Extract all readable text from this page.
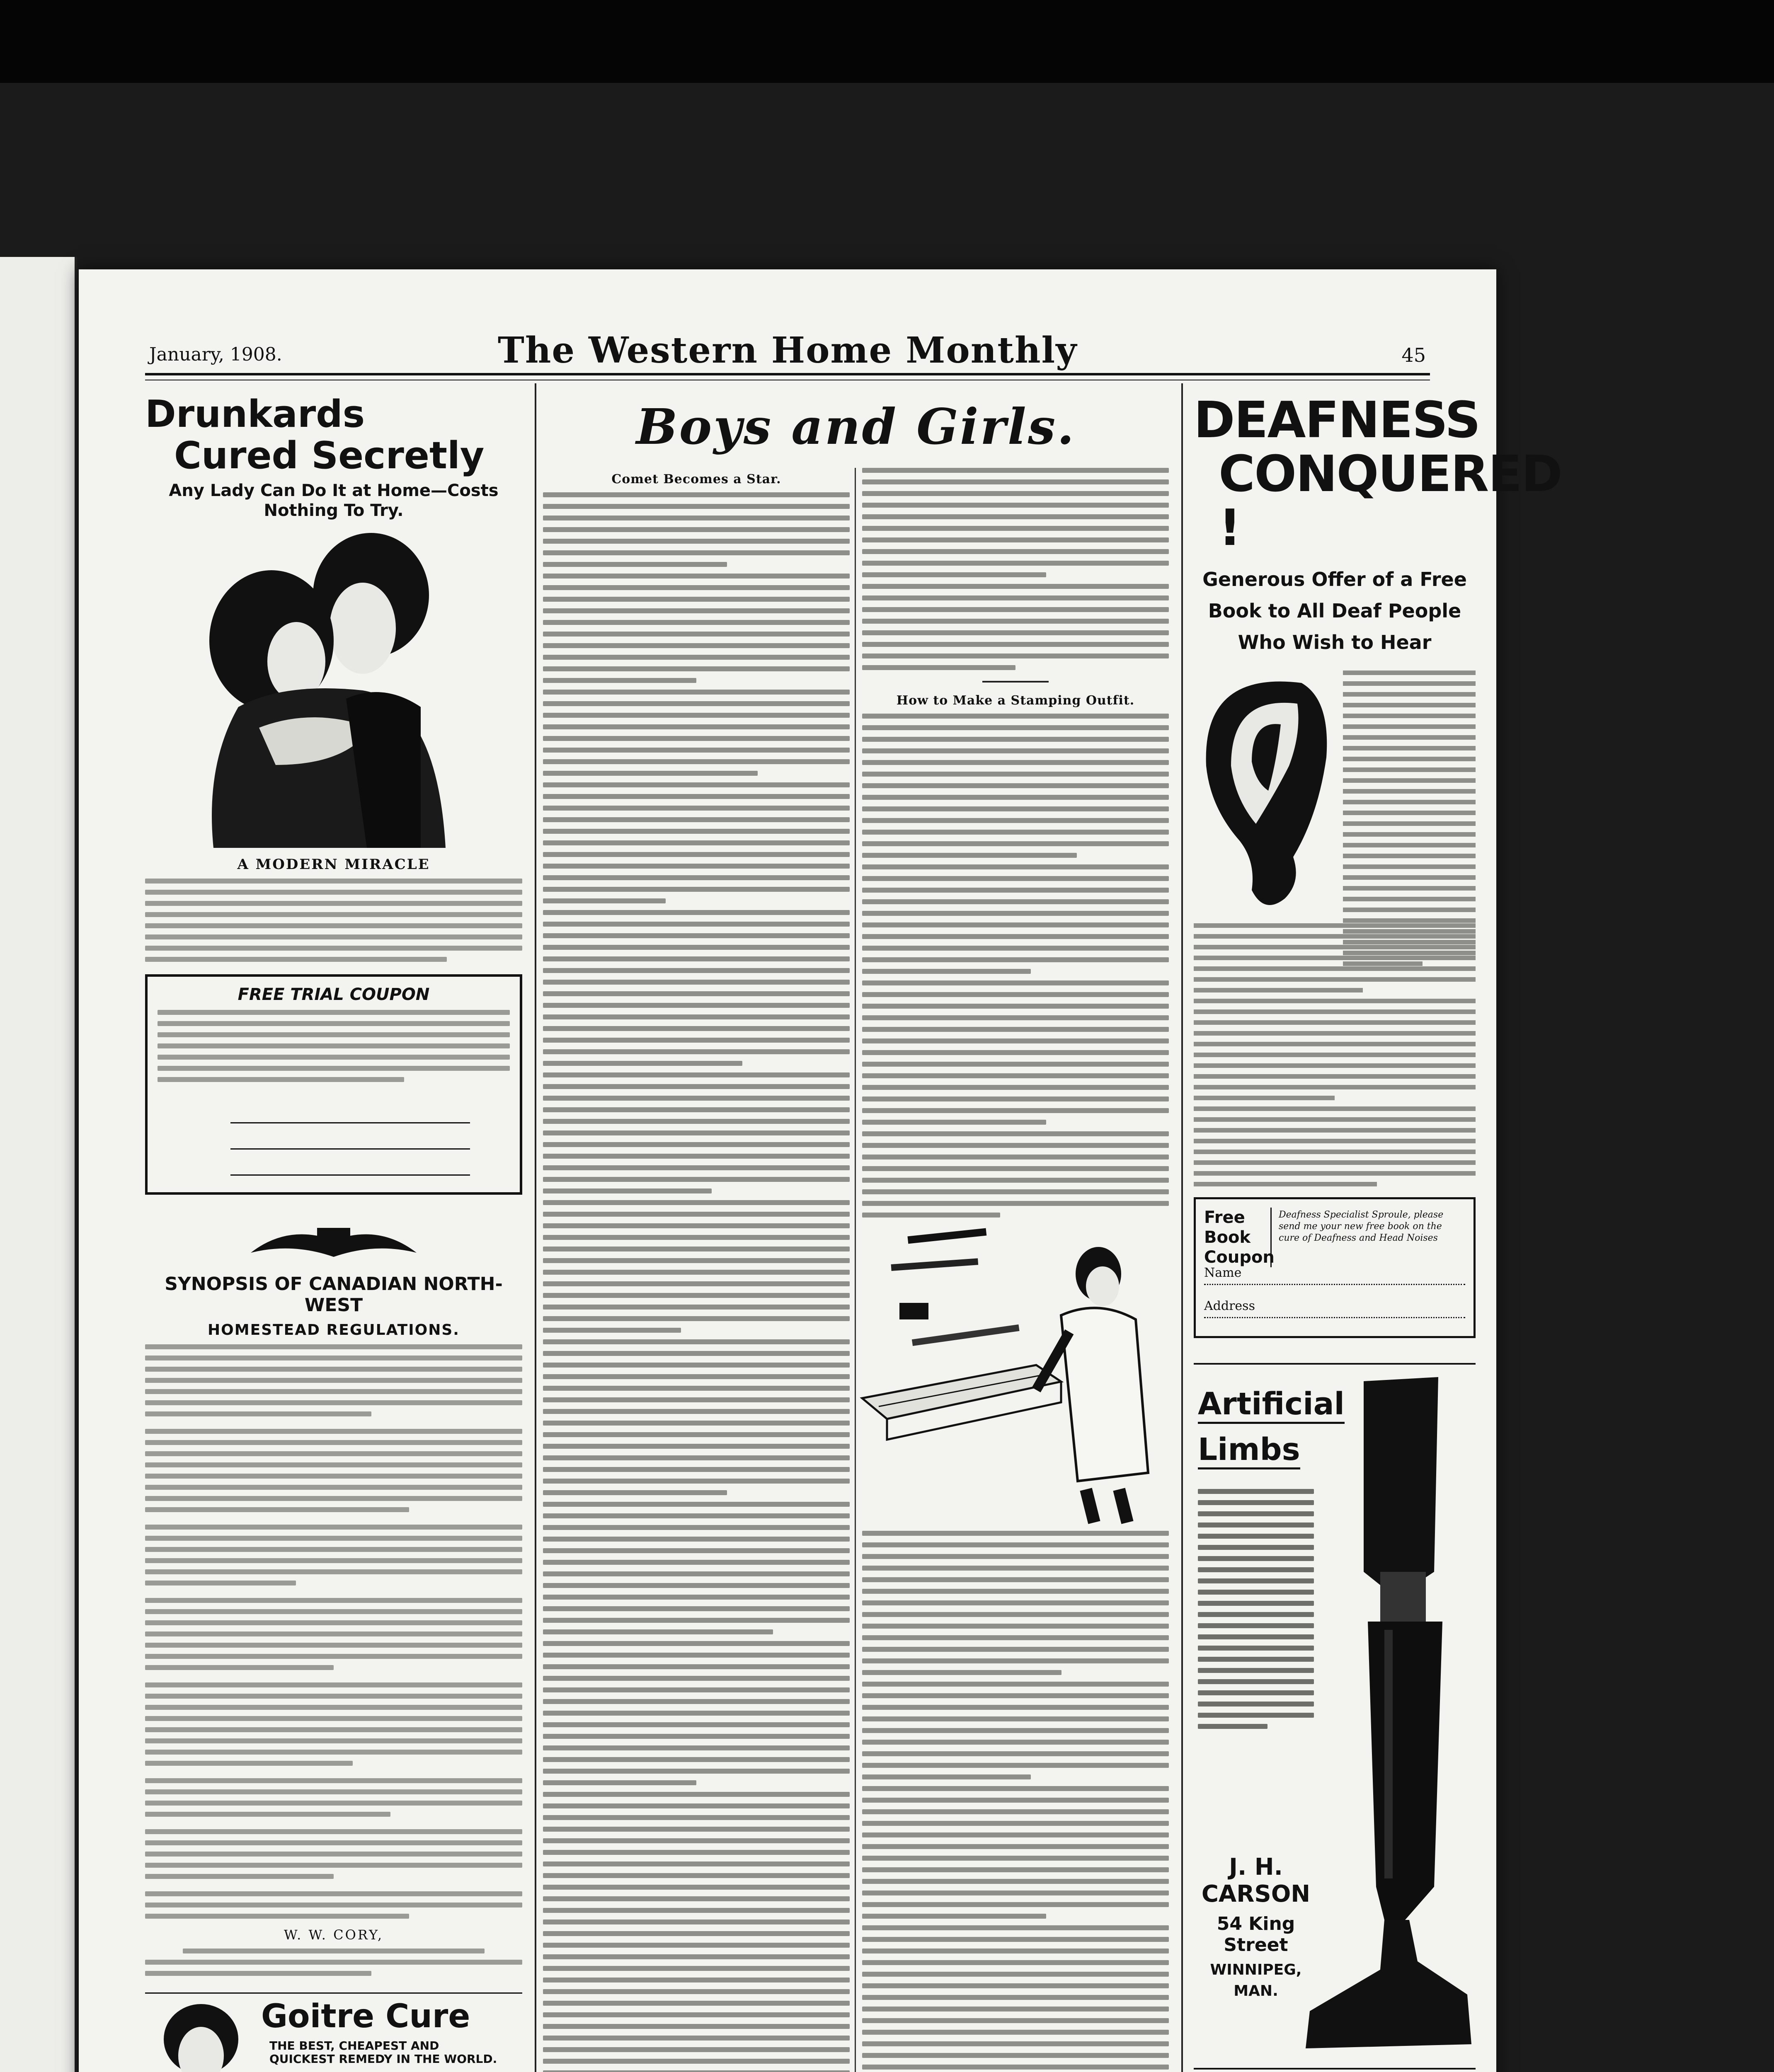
January, 1908.	The Western Home Monthly	45
Drunkards
Cured Secretly
Any Lady Can Do It at Home—Costs Nothing To Try.
A MODERN MIRACLE
FREE TRIAL COUPON
SYNOPSIS OF CANADIAN NORTH-WEST
HOMESTEAD REGULATIONS.
W. W. CORY,
Goitre Cure
THE BEST, CHEAPEST AND QUICKEST REMEDY IN THE WORLD.
Boys and Girls.
Comet Becomes a Star.
How to Make a Stamping Outfit.
DEAFNESS
CONQUERED !
Generous Offer of a Free
Book to All Deaf People
Who Wish to Hear
Free Book Coupon
Deafness Specialist Sproule, please send me your new free book on the cure of Deafness and Head Noises
Name
Address
Artificial
Limbs
J. H. CARSON
54 King Street
WINNIPEG,
MAN.
